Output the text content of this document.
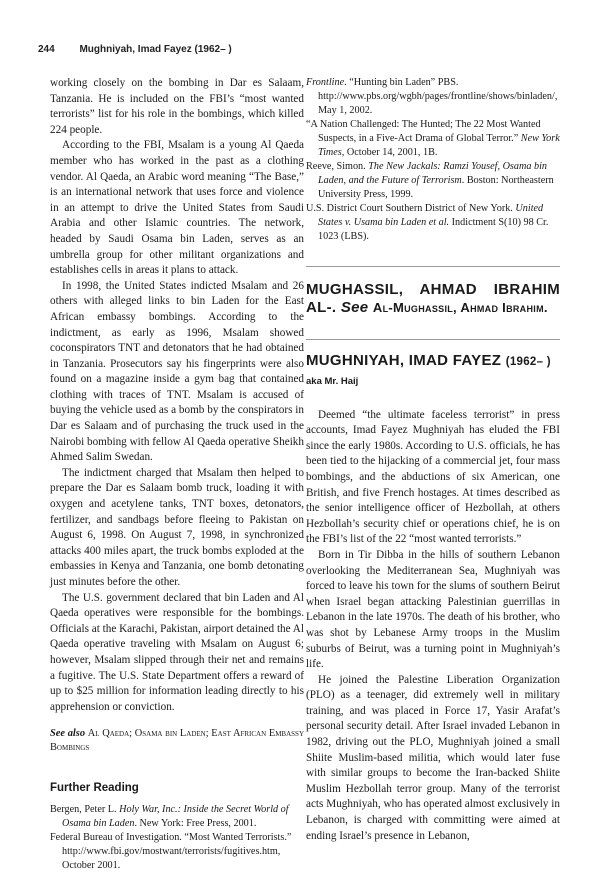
244 Mughniyah, Imad Fayez (1962– )

working closely on the bombing in Dar es Salaam, Tanzania. He is included on the FBI’s “most wanted terrorists” list for his role in the bombings, which killed 224 people.

According to the FBI, Msalam is a young Al Qaeda member who has worked in the past as a clothing vendor. Al Qaeda, an Arabic word meaning “The Base,” is an international network that uses force and violence in an attempt to drive the United States from Saudi Arabia and other Islamic countries. The network, headed by Saudi Osama bin Laden, serves as an umbrella group for other militant organizations and establishes cells in areas it plans to attack.

In 1998, the United States indicted Msalam and 26 others with alleged links to bin Laden for the East African embassy bombings. According to the indictment, as early as 1996, Msalam showed coconspirators TNT and detonators that he had obtained in Tanzania. Prosecutors say his fingerprints were also found on a magazine inside a gym bag that contained clothing with traces of TNT. Msalam is accused of buying the vehicle used as a bomb by the conspirators in Dar es Salaam and of purchasing the truck used in the Nairobi bombing with fellow Al Qaeda operative Sheikh Ahmed Salim Swedan.

The indictment charged that Msalam then helped to prepare the Dar es Salaam bomb truck, loading it with oxygen and acetylene tanks, TNT boxes, detonators, fertilizer, and sandbags before fleeing to Pakistan on August 6, 1998. On August 7, 1998, in synchronized attacks 400 miles apart, the truck bombs exploded at the embassies in Kenya and Tanzania, one bomb detonating just minutes before the other.

The U.S. government declared that bin Laden and Al Qaeda operatives were responsible for the bombings. Officials at the Karachi, Pakistan, airport detained the Al Qaeda operative traveling with Msalam on August 6; however, Msalam slipped through their net and remains a fugitive. The U.S. State Department offers a reward of up to $25 million for information leading directly to his apprehension or conviction.

See also Al Qaeda; Osama bin Laden; East African Embassy Bombings

Further Reading

Bergen, Peter L. Holy War, Inc.: Inside the Secret World of Osama bin Laden. New York: Free Press, 2001.

Federal Bureau of Investigation. “Most Wanted Terrorists.” http://www.fbi.gov/mostwant/terrorists/fugitives.htm, October 2001.

Frontline. “Hunting bin Laden” PBS. http://www.pbs.org/wgbh/pages/frontline/shows/binladen/, May 1, 2002.

“A Nation Challenged: The Hunted; The 22 Most Wanted Suspects, in a Five-Act Drama of Global Terror.” New York Times, October 14, 2001, 1B.

Reeve, Simon. The New Jackals: Ramzi Yousef, Osama bin Laden, and the Future of Terrorism. Boston: Northeastern University Press, 1999.

U.S. District Court Southern District of New York. United States v. Usama bin Laden et al. Indictment S(10) 98 Cr. 1023 (LBS).

MUGHASSIL, AHMAD IBRAHIM AL-. See Al-Mughassil, Ahmad Ibrahim.
MUGHNIYAH, IMAD FAYEZ (1962– )
aka Mr. Haij

Deemed “the ultimate faceless terrorist” in press accounts, Imad Fayez Mughniyah has eluded the FBI since the early 1980s. According to U.S. officials, he has been tied to the hijacking of a commercial jet, four mass bombings, and the abductions of six American, one British, and five French hostages. At times described as the senior intelligence officer of Hezbollah, at others Hezbollah’s security chief or operations chief, he is on the FBI’s list of the 22 “most wanted terrorists.”

Born in Tir Dibba in the hills of southern Lebanon overlooking the Mediterranean Sea, Mughniyah was forced to leave his town for the slums of southern Beirut when Israel began attacking Palestinian guerrillas in Lebanon in the late 1970s. The death of his brother, who was shot by Lebanese Army troops in the Muslim suburbs of Beirut, was a turning point in Mughniyah’s life.

He joined the Palestine Liberation Organization (PLO) as a teenager, did extremely well in military training, and was placed in Force 17, Yasir Arafat’s personal security detail. After Israel invaded Lebanon in 1982, driving out the PLO, Mughniyah joined a small Shiite Muslim-based militia, which would later fuse with similar groups to become the Iran-backed Shiite Muslim Hezbollah terror group. Many of the terrorist acts Mughniyah, who has operated almost exclusively in Lebanon, is charged with committing were aimed at ending Israel’s presence in Lebanon,
